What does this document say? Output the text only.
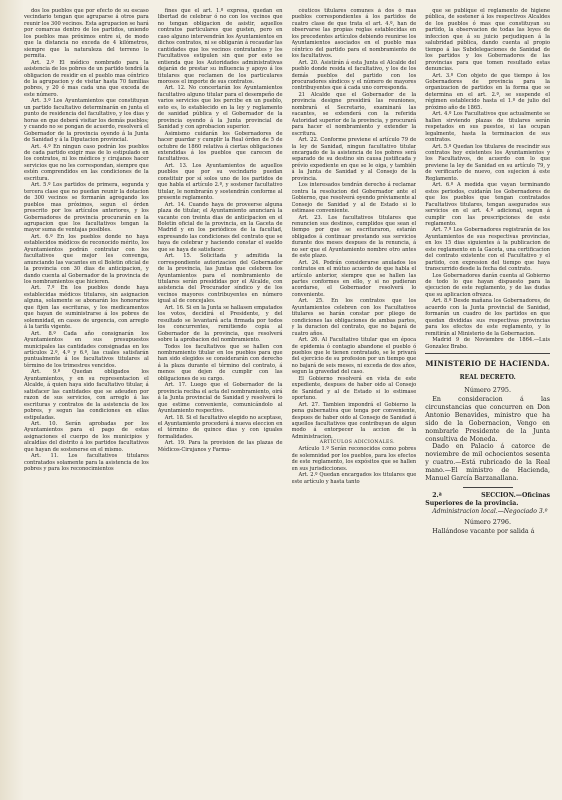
dos los pueblos que por efecto de su escaso vecindario tengan que agruparse á otros para reunir los 300 vecinos. Esta agrupacion se hará por comarcas dentro de los partidos, uniendo los pueblos mas próximos entre sí, de modo que la distancia no exceda de 4 kilómetros, siempre que la naturaleza del terreno lo permita.

Art. 2.º El médico nombrado para la asistencia de los pobres de un partido tendrá la obligacion de residir en el pueblo mas céntrico de la agrupacion y de visitar hasta 70 familias pobres, y 20 ó mas cada una que exceda de este número.

Art. 3.º Los Ayuntamientos que constituyan un partido facultativo determinarán en junta el punto de residencia del facultativo, y los dias y horas en que deberá visitar los demás pueblos; y cuando no se pongan de acuerdo, resolverá el Gobernador de la provincia oyendo á la Junta de Sanidad y á la Diputacion provincial.

Art. 4.º En ningun caso podrán los pueblos de cada partido exigir mas de lo estipulado en los contratos, ni los médicos y cirujanos hacer servicios que no les correspondan, siempre que estén comprendidos en las condiciones de la escritura.

Art. 5.º Los partidos de primera, segunda y tercera clase que no puedan reunir la dotacion de 300 vecinos se formarán agregando los pueblos mas próximos, segun el órden prescrito por los artículos anteriores, y los Gobernadores de provincia procurarán en la agrupacion que los facultativos tengan la mayor suma de ventajas posibles.

Art. 6.º En los pueblos donde no haya establecidos médicos de reconocido mérito, los Ayuntamientos podrán contratar con los facultativos que mejor les convenga, anunciando las vacantes en el Boletin oficial de la provincia con 30 dias de anticipacion, y dando cuenta al Gobernador de la provincia de los nombramientos que hicieren.

Art. 7.º En los pueblos donde haya establecidas médicos titulares, sin asignacion alguna, solamente se abonarán los honorarios que fijen las escrituras, y los medicamentos que hayan de suministrarse á los pobres de solemnidad, en casos de urgencia, con arreglo á la tarifa vigente.

Art. 8.º Cada año consignarán los Ayuntamientos en sus presupuestos municipales las cantidades consignadas en los artículos 2.º, 4.º y 6.º, las cuales satisfarán puntualmente á los facultativos titulares al término de los trimestres vencidos.

Art. 9.º Quedan obligados los Ayuntamientos, y en su representacion el Alcalde, á quien haya sido facultativo titular, á satisfacer las cantidades que se adeuden por razon de sus servicios, con arreglo á las escrituras y contratos de la asistencia de los pobres, y segun las condiciones en ellas estipuladas.

Art. 10. Serán aprobadas por los Ayuntamientos para el pago de estas asignaciones el cuerpo de los municipios y alcaldías del distrito á los partidos facultativos que hayan de sostenerse en el mismo.

Art. 11. Los facultativos titulares contratados solamente para la asistencia de los pobres y para los reconocimientos

fines que el art. 1.º expresa, quedan en libertad de celebrar ó no con los vecinos que no tengan obligacion de asistir, aquellos contratos particulares que gusten, pero en caso alguno intervendrán los Ayuntamientos en dichos contratos, ni se obligarán á recaudar las cantidades que los vecinos contratantes y los Facultativos estipulen sin que por esto se entienda que los Autoridades administrativas dejarán de prestar su influencia y apoyo á los titulares que reclamen de los particulares morosos el importe de sus contratos.

Art. 12. No concertarán los Ayuntamientos facultativo alguno titular para el desempeño de varios servicios que los percibe en un pueblo, esto es, lo establecido en la ley y reglamento de sanidad pública y el Gobernador de la provincia oyendo á la Junta provincial de Sanidad y con aprobacion superior.

Asimismo cuidarán los Gobernadores de hacer guardar y cumplir la Real órden de 5 de octubre de 1860 relativa á ciertas obligaciones extendidas á los pueblos que carecen de facultativos.

Art. 13. Los Ayuntamientos de aquellos pueblos que por su vecindario puedan constituir por sí solos uno de los partidos de que habla el artículo 2.º, y sostener facultativo titular, le nombrarán y sostendrán conforme al presente reglamento.

Art. 14. Cuando haya de proveerse alguna plaza de titular, el Ayuntamiento anunciará la vacante con treinta dias de anticipacion en el Boletin oficial de la provincia, en la Gaceta de Madrid y en los periódicos de la facultad, expresando las condiciones del contrato que se haya de celebrar y haciendo constar el sueldo que se haya de satisfacer.

Art. 15. Solicitada y admitida la correspondiente autorizacion del Gobernador de la provincia, las Juntas que celebren los Ayuntamientos para el nombramiento de titulares serán presididas por el Alcalde, con asistencia del Procurador síndico y de los vecinos mayores contribuyentes en número igual al de concejales.

Art. 16. Si en la Junta se hallasen empatados los votos, decidirá el Presidente, y del resultado se levantará acta firmada por todos los concurrentes, remitiendo copia al Gobernador de la provincia, que resolverá sobre la aprobacion del nombramiento.

Todos los facultativos que se hallen con nombramiento titular en los pueblos para que han sido elegidos se considerarán con derecho á la plaza durante el término del contrato, á menos que dejen de cumplir con las obligaciones de su cargo.

Art. 17. Luego que el Gobernador de la provincia reciba el acta del nombramiento, oirá á la Junta provincial de Sanidad y resolverá lo que estime conveniente, comunicándolo al Ayuntamiento respectivo.

Art. 18. Si el facultativo elegido no aceptase, el Ayuntamiento procederá á nueva eleccion en el término de quince dias y con iguales formalidades.

Art. 19. Para la provision de las plazas de Médicos-Cirujanos y Farma-

céuticos titulares comunes á dos ó mas pueblos correspondientes á los partidos de cuatro clase de que trata el art. 4.º, han de observarse las propias reglas establecidas en los precedentes artículos debiendo reunirse los Ayuntamientos asociados en el pueblo mas céntrico del partido para el nombramiento de los facultativos.

Art. 20. Asistirán á esta Junta el Alcalde del pueblo donde resida el facultativo, y los de los demás pueblos del partido con los procuradores síndicos y el número de mayores contribuyentes que á cada uno corresponda.

21 Alcalde que el Gobernador de la provincia designe presidirá las reuniones, nombrará el Secretario, examinará las vacantes, se extenderá con la referida Autoridad superior de la provincia, y procurará para hacer el nombramiento y extender la escritura.

Art. 22. Conforme previene el artículo 79 de la ley de Sanidad, ningun facultativo titular encargado de la asistencia de los pobres será separado de su destino sin causa justificada y prévio expediente en que se le oiga, y también á la Junta de Sanidad y al Consejo de la provincia.

Los interesados tendrán derecho á reclamar contra la resolucion del Gobernador ante el Gobierno, que resolverá oyendo préviamente al Consejo de Sanidad y al de Estado si lo estimase conveniente.

Art. 23. Los facultativos titulares que renuncien sus destinos, cumplidos que sean el tiempo por que se escrituraron, estarán obligados á continuar prestando sus servicios durante dos meses despues de la renuncia, á no ser que el Ayuntamiento nombre otro antes de este plazo.

Art. 24. Podrán considerarse anulados los contratos en el mútuo acuerdo de que habla el artículo anterior, siempre que se hallen las partes conformes en ello, y si no pudieran acordarse, el Gobernador resolverá lo conveniente.

Art. 25. En los contratos que los Ayuntamientos celebren con los Facultativos titulares se harán constar por pliego de condiciones las obligaciones de ambas partes, y la duracion del contrato, que no bajará de cuatro años.

Art. 26. Al Facultativo titular que en época de epidemia ó contagio abandone el pueblo ó pueblos que le tienen contratado, se le privará del ejercicio de su profesion por un tiempo que no bajará de seis meses, ni exceda de dos años, segun la gravedad del caso.

El Gobierno resolverá en vista de este expediente, despues de haber oido al Consejo de Sanidad y al de Estado si lo estimase oportuno.

Art. 27. Tambien impondrá el Gobierno la pena gubernativa que tenga por conveniente, despues de haber oido al Consejo de Sanidad á aquellos facultativos que contribuyan de algun modo á entorpecer la accion de la Administracion.

ARTÍCULOS ADICIONALES.

Artículo 1.º Serán reconocidos como pobres de solemnidad por los pueblos, para los efectos de este reglamento, los expósitos que se hallen en sus jurisdicciones.

Art. 2.º Quedan encargados los titulares que este artículo y hasta tanto

que se publique el reglamento de higiene pública, de sostener á los respectivos Alcaldes de los pueblos ó mas que constituyan su partido, la observacion de todas las leyes de infeccion que á su juicio perjudiquen á la salubridad pública, dando cuenta al propio tiempo á las Subdelegaciones de Sanidad de los partidos y los Gobernadores de las provincias para que tomen resultado estas denuncias.

Art. 3.º Con objeto de que tiempo á los Gobernadores de provincia para la organizacion de partidos en la forma que se determina en el art. 2.º, se suspende el régimen establecido hasta el 1.º de julio del próximo año de 1865.

Art. 4.º Los Facultativos que actualmente se hallen sirviendo plazas de titulares serán respetados en sus puestos, si las ocupan legalmente, hasta la terminacion de sus contratos.

Art. 5.º Quedan los titulares de rescindir sus contratos hoy existentes los Ayuntamientos y los Facultativos, de acuerdo con lo que previene la ley de Sanidad en su artículo 79, y de verificarlo de nuevo, con sujecion á este Reglamento.

Art. 6.º A medida que vayan terminando estos periodos, cuidarán los Gobernadores de que los pueblos que tengan contratados Facultativos titulares, tengan asegurados sus servicios en el art. 4.º adicional, segun á cumplir con las prescripciones de este reglamento.

Art. 7.º Los Gobernadores registrarán de los Ayuntamientos de sus respectivas provincias, en los 15 dias siguientes á la publicacion de este reglamento en la Gaceta, una certificacion del contrato existente con el Facultativo y el partido, con expresion del tiempo que haya transcurrido desde la fecha del contrato.

Los Gobernadores darán cuenta al Gobierno de todo lo que hayan dispuesto para la ejecucion de este reglamento, y de las dudas que su aplicacion ofrezca.

Art. 8.º Desde mañana los Gobernadores, de acuerdo con la Junta provincial de Sanidad, formarán un cuadro de los partidos en que quedan divididas sus respectivas provincias para los efectos de este reglamento, y lo remitirán al Ministerio de la Gobernacion.

Madrid 9 de Noviembre de 1864.—Luis Gonzalez Brabo.

MINISTERIO DE HACIENDA.
REAL DECRETO.
Número 2795.

En consideracion á las circunstancias que concurren en Don Antonio Benavides, ministro que ha sido de la Gobernacion, Vengo en nombrarle Presidente de la Junta consultiva de Moneda.

Dado en Palacio á catorce de noviembre de mil ochocientos sesenta y cuatro.—Está rubricado de la Real mano.—El ministro de Hacienda, Manuel García Barzanallana.

2.ª SECCION.—Oficinas Superiores de la provincia.

Administracion local.—Negociado 3.º

Número 2796.

Hallándose vacante por salida á
